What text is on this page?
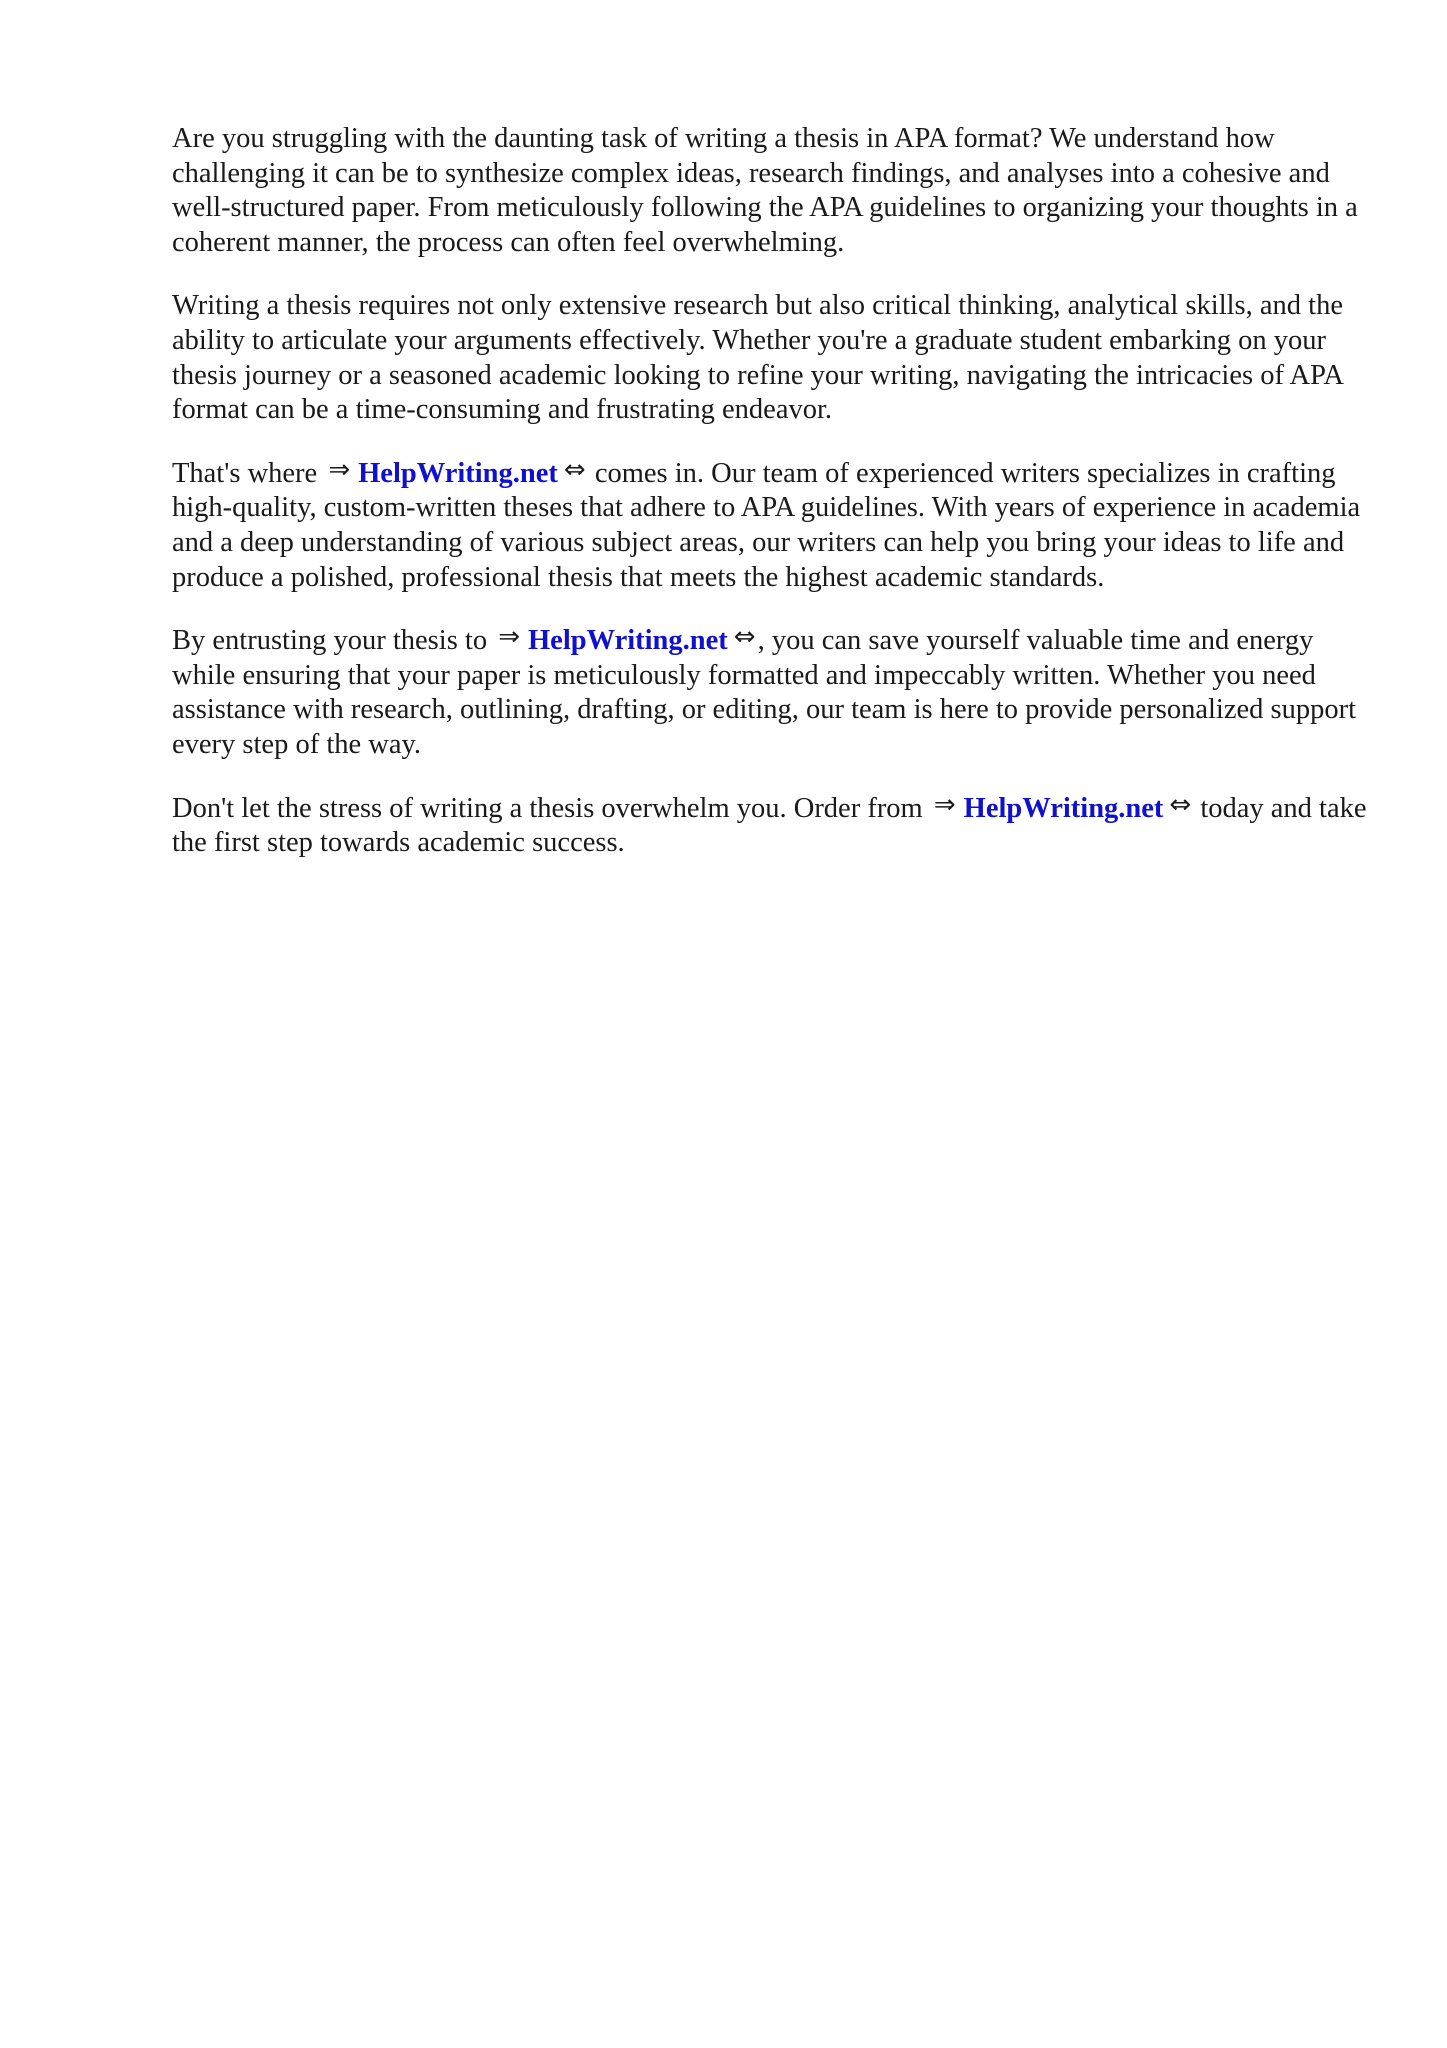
Are you struggling with the daunting task of writing a thesis in APA format? We understand how challenging it can be to synthesize complex ideas, research findings, and analyses into a cohesive and well-structured paper. From meticulously following the APA guidelines to organizing your thoughts in a coherent manner, the process can often feel overwhelming.

Writing a thesis requires not only extensive research but also critical thinking, analytical skills, and the ability to articulate your arguments effectively. Whether you're a graduate student embarking on your thesis journey or a seasoned academic looking to refine your writing, navigating the intricacies of APA format can be a time-consuming and frustrating endeavor.

That's where ⇒ HelpWriting.net ⇔ comes in. Our team of experienced writers specializes in crafting high-quality, custom-written theses that adhere to APA guidelines. With years of experience in academia and a deep understanding of various subject areas, our writers can help you bring your ideas to life and produce a polished, professional thesis that meets the highest academic standards.

By entrusting your thesis to ⇒ HelpWriting.net ⇔, you can save yourself valuable time and energy while ensuring that your paper is meticulously formatted and impeccably written. Whether you need assistance with research, outlining, drafting, or editing, our team is here to provide personalized support every step of the way.

Don't let the stress of writing a thesis overwhelm you. Order from ⇒ HelpWriting.net ⇔ today and take the first step towards academic success.
